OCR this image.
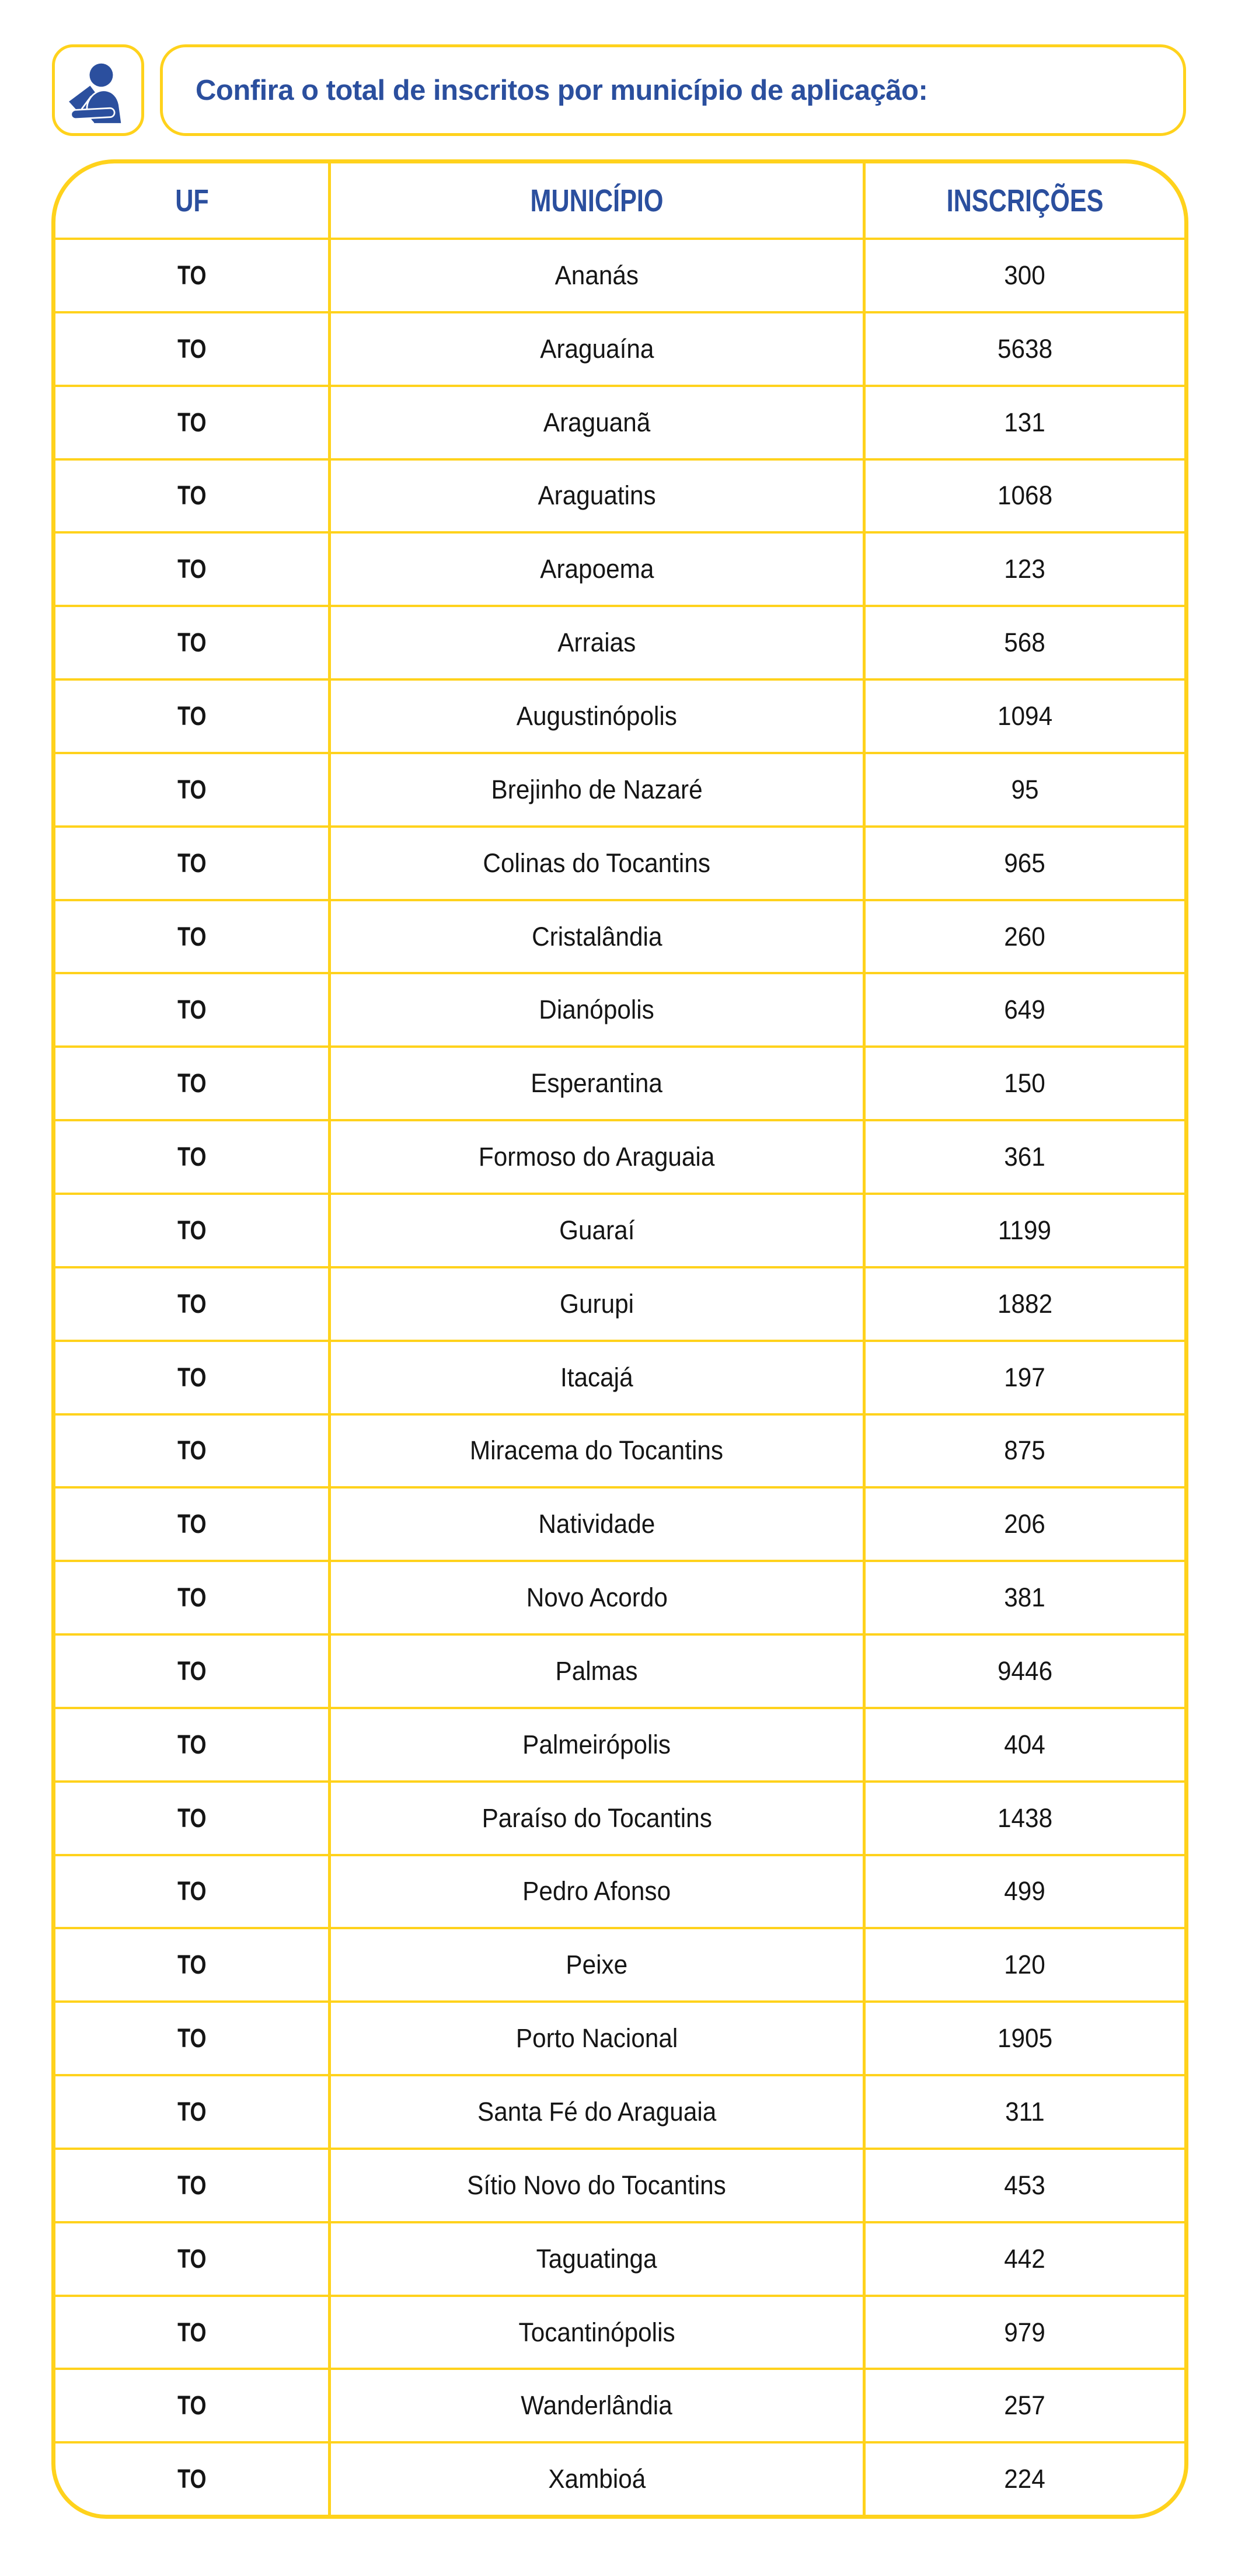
Confira o total de inscritos por município de aplicação:
UF	MUNICÍPIO	INSCRIÇÕES
TO	Ananás	300
TO	Araguaína	5638
TO	Araguanã	131
TO	Araguatins	1068
TO	Arapoema	123
TO	Arraias	568
TO	Augustinópolis	1094
TO	Brejinho de Nazaré	95
TO	Colinas do Tocantins	965
TO	Cristalândia	260
TO	Dianópolis	649
TO	Esperantina	150
TO	Formoso do Araguaia	361
TO	Guaraí	1199
TO	Gurupi	1882
TO	Itacajá	197
TO	Miracema do Tocantins	875
TO	Natividade	206
TO	Novo Acordo	381
TO	Palmas	9446
TO	Palmeirópolis	404
TO	Paraíso do Tocantins	1438
TO	Pedro Afonso	499
TO	Peixe	120
TO	Porto Nacional	1905
TO	Santa Fé do Araguaia	311
TO	Sítio Novo do Tocantins	453
TO	Taguatinga	442
TO	Tocantinópolis	979
TO	Wanderlândia	257
TO	Xambioá	224
